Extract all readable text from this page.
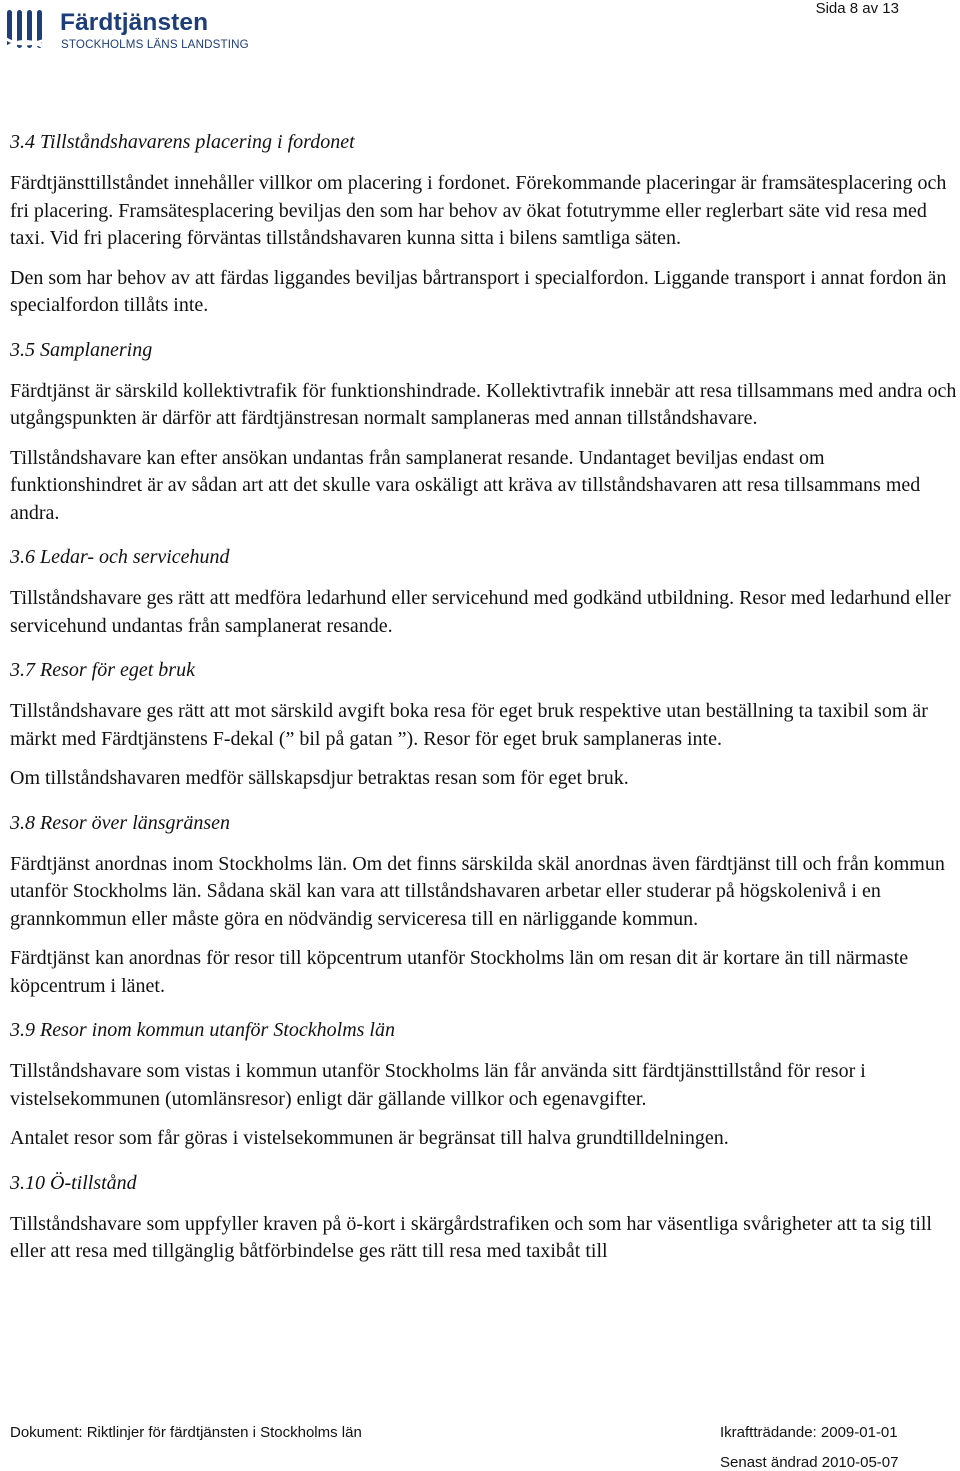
Färdtjänsten
STOCKHOLMS LÄNS LANDSTING
Sida 8 av 13
3.4 Tillståndshavarens placering i fordonet

Färdtjänsttillståndet innehåller villkor om placering i fordonet. Förekommande placeringar är framsätesplacering och fri placering. Framsätesplacering beviljas den som har behov av ökat fotutrymme eller reglerbart säte vid resa med taxi. Vid fri placering förväntas tillståndshavaren kunna sitta i bilens samtliga säten.

Den som har behov av att färdas liggandes beviljas bårtransport i specialfordon. Liggande transport i annat fordon än specialfordon tillåts inte.

3.5 Samplanering

Färdtjänst är särskild kollektivtrafik för funktionshindrade. Kollektivtrafik innebär att resa tillsammans med andra och utgångspunkten är därför att färdtjänstresan normalt samplaneras med annan tillståndshavare.

Tillståndshavare kan efter ansökan undantas från samplanerat resande. Undantaget beviljas endast om funktionshindret är av sådan art att det skulle vara oskäligt att kräva av tillståndshavaren att resa tillsammans med andra.

3.6 Ledar- och servicehund

Tillståndshavare ges rätt att medföra ledarhund eller servicehund med godkänd utbildning. Resor med ledarhund eller servicehund undantas från samplanerat resande.

3.7 Resor för eget bruk

Tillståndshavare ges rätt att mot särskild avgift boka resa för eget bruk respektive utan beställning ta taxibil som är märkt med Färdtjänstens F-dekal (” bil på gatan ”). Resor för eget bruk samplaneras inte.

Om tillståndshavaren medför sällskapsdjur betraktas resan som för eget bruk.

3.8 Resor över länsgränsen

Färdtjänst anordnas inom Stockholms län. Om det finns särskilda skäl anordnas även färdtjänst till och från kommun utanför Stockholms län. Sådana skäl kan vara att tillståndshavaren arbetar eller studerar på högskolenivå i en grannkommun eller måste göra en nödvändig serviceresa till en närliggande kommun.

Färdtjänst kan anordnas för resor till köpcentrum utanför Stockholms län om resan dit är kortare än till närmaste köpcentrum i länet.

3.9 Resor inom kommun utanför Stockholms län

Tillståndshavare som vistas i kommun utanför Stockholms län får använda sitt färdtjänsttillstånd för resor i vistelsekommunen (utomlänsresor) enligt där gällande villkor och egenavgifter.

Antalet resor som får göras i vistelsekommunen är begränsat till halva grundtilldelningen.

3.10 Ö-tillstånd

Tillståndshavare som uppfyller kraven på ö-kort i skärgårdstrafiken och som har väsentliga svårigheter att ta sig till eller att resa med tillgänglig båtförbindelse ges rätt till resa med taxibåt till

Dokument: Riktlinjer för färdtjänsten i Stockholms län	Ikraftträdande: 2009-01-01
Senast ändrad 2010-05-07
